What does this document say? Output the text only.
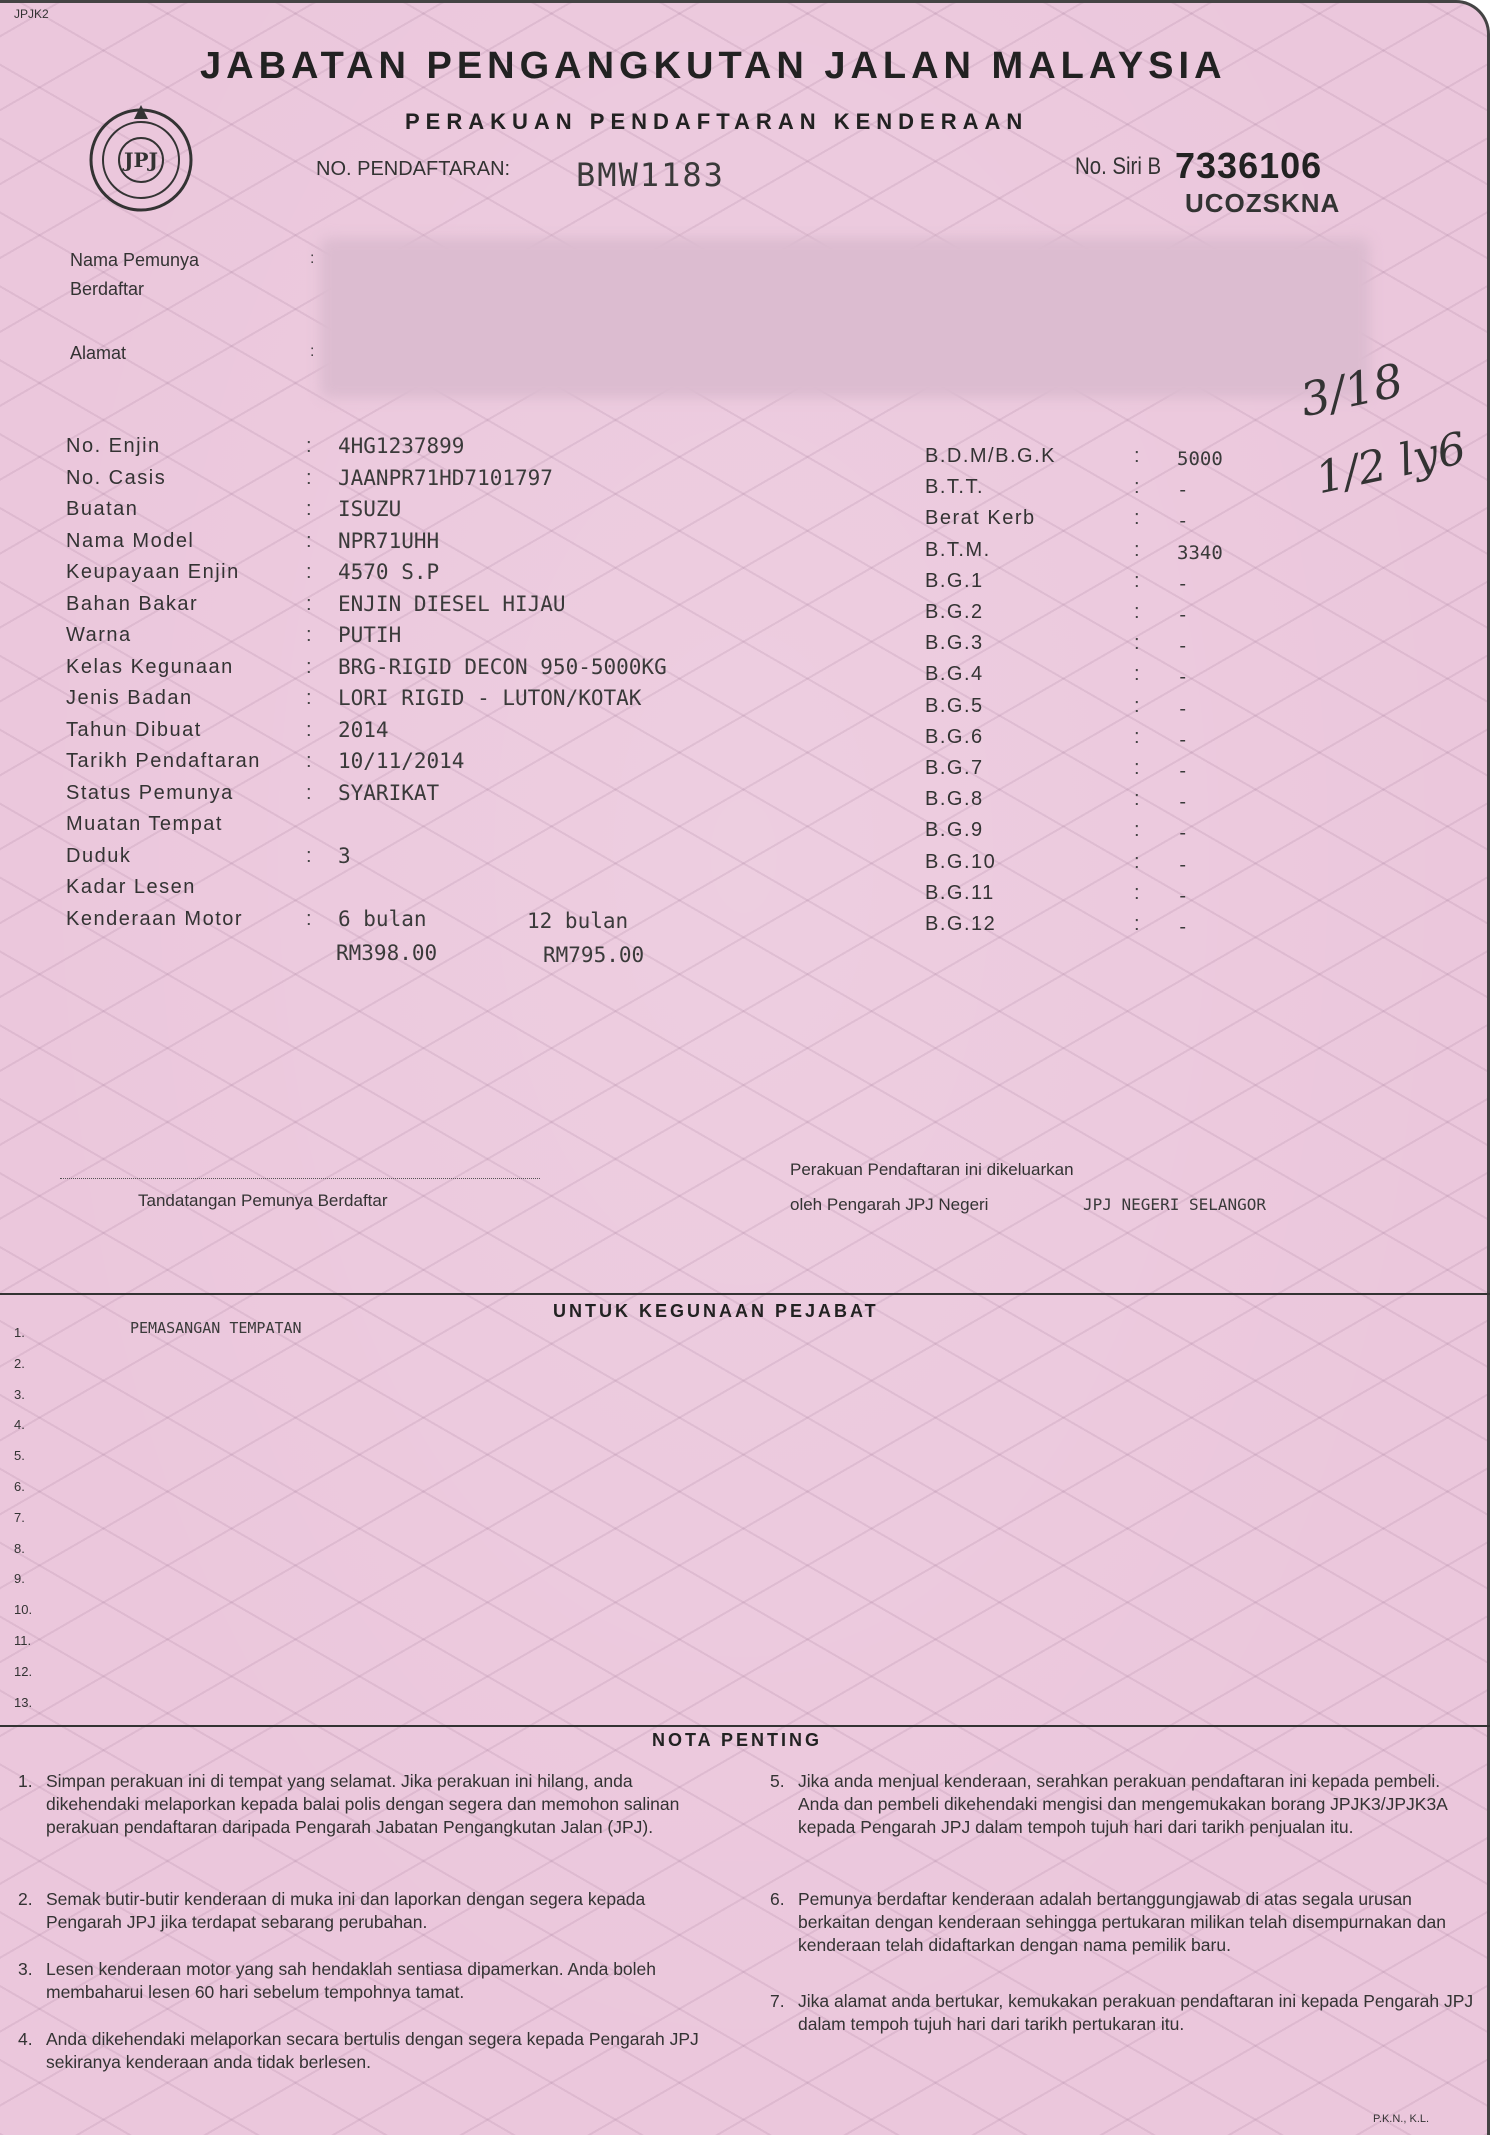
JPJK2
JPJ
JABATAN PENGANGKUTAN JALAN MALAYSIA
PERAKUAN PENDAFTARAN KENDERAAN
NO. PENDAFTARAN: BMW1183	No. Siri B 7336106
UCOZSKNA
Nama Pemunya
Berdaftar
:
Alamat	:
3/18
1/2 ly6
No. Enjin	: 4HG1237899
No. Casis	: JAANPR71HD7101797
Buatan	: ISUZU
Nama Model	: NPR71UHH
Keupayaan Enjin	: 4570 S.P
Bahan Bakar	: ENJIN DIESEL HIJAU
Warna	: PUTIH
Kelas Kegunaan	: BRG-RIGID DECON 950-5000KG
Jenis Badan	: LORI RIGID - LUTON/KOTAK
Tahun Dibuat	: 2014
Tarikh Pendaftaran : 10/11/2014
Status Pemunya	: SYARIKAT
Muatan Tempat
Duduk	: 3
Kadar Lesen
Kenderaan Motor	: 6 bulan	12 bulan
RM398.00	RM795.00
B.D.M/B.G.K	: 5000
B.T.T.	: -
Berat Kerb	: -
B.T.M.	: 3340
B.G.1	: -
B.G.2	: -
B.G.3	: -
B.G.4	: -
B.G.5	: -
B.G.6	: -
B.G.7	: -
B.G.8	: -
B.G.9	: -
B.G.10	: -
B.G.11	: -
B.G.12	: -
Tandatangan Pemunya Berdaftar
Perakuan Pendaftaran ini dikeluarkan
oleh Pengarah JPJ Negeri	JPJ NEGERI SELANGOR
UNTUK KEGUNAAN PEJABAT
PEMASANGAN TEMPATAN
1.
2.
3.
4.
5.
6.
7.
8.
9.
10.
11.
12.
13.
NOTA PENTING
1. Simpan perakuan ini di tempat yang selamat. Jika perakuan ini hilang, anda dikehendaki melaporkan kepada balai polis dengan segera dan memohon salinan perakuan pendaftaran daripada Pengarah Jabatan Pengangkutan Jalan (JPJ).
2. Semak butir-butir kenderaan di muka ini dan laporkan dengan segera kepada Pengarah JPJ jika terdapat sebarang perubahan.
3. Lesen kenderaan motor yang sah hendaklah sentiasa dipamerkan. Anda boleh membaharui lesen 60 hari sebelum tempohnya tamat.
4. Anda dikehendaki melaporkan secara bertulis dengan segera kepada Pengarah JPJ sekiranya kenderaan anda tidak berlesen.
5. Jika anda menjual kenderaan, serahkan perakuan pendaftaran ini kepada pembeli. Anda dan pembeli dikehendaki mengisi dan mengemukakan borang JPJK3/JPJK3A kepada Pengarah JPJ dalam tempoh tujuh hari dari tarikh penjualan itu.
6. Pemunya berdaftar kenderaan adalah bertanggungjawab di atas segala urusan berkaitan dengan kenderaan sehingga pertukaran milikan telah disempurnakan dan kenderaan telah didaftarkan dengan nama pemilik baru.
7. Jika alamat anda bertukar, kemukakan perakuan pendaftaran ini kepada Pengarah JPJ dalam tempoh tujuh hari dari tarikh pertukaran itu.
P.K.N., K.L.
